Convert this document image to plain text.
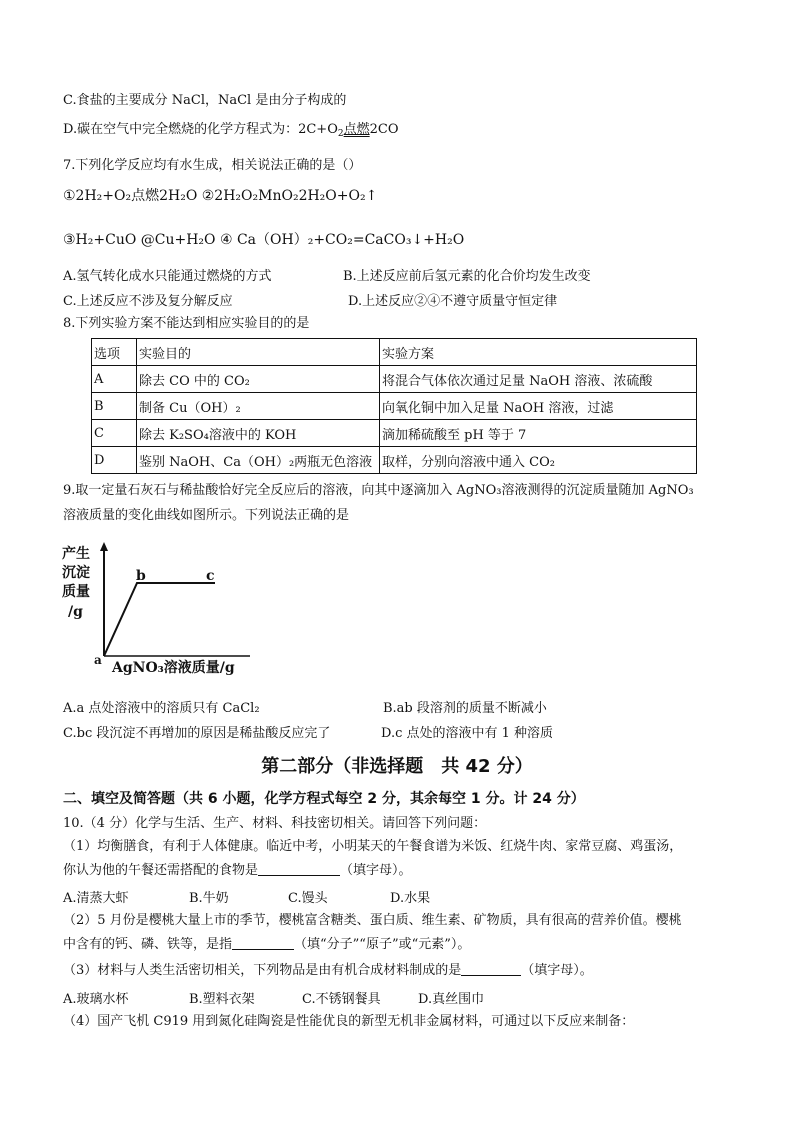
C.食盐的主要成分 NaCl，NaCl 是由分子构成的
D.碳在空气中完全燃烧的化学方程式为：$2C+O_2$点燃2CO
7.下列化学反应均有水生成，相关说法正确的是（）
①2H₂+O₂点燃2H₂O ②2H₂O₂MnO₂2H₂O+O₂↑
③H₂+CuO @Cu+H₂O ④ Ca（OH）₂+CO₂=CaCO₃↓+H₂O
A.氢气转化成水只能通过燃烧的方式	B.上述反应前后氢元素的化合价均发生改变
C.上述反应不涉及复分解反应	D.上述反应②④不遵守质量守恒定律
8.下列实验方案不能达到相应实验目的的是
选项	实验目的	实验方案
A	除去 CO 中的 CO₂	将混合气体依次通过足量 NaOH 溶液、浓硫酸
B	制备 Cu（OH）₂	向氧化铜中加入足量 NaOH 溶液，过滤
C	除去 K₂SO₄溶液中的 KOH	滴加稀硫酸至 pH 等于 7
D	鉴别 NaOH、Ca（OH）₂两瓶无色溶液	取样，分别向溶液中通入 CO₂
9.取一定量石灰石与稀盐酸恰好完全反应后的溶液，向其中逐滴加入 AgNO₃溶液测得的沉淀质量随加 AgNO₃
溶液质量的变化曲线如图所示。下列说法正确的是
产生
沉淀
质量
/g
b	c
a AgNO₃溶液质量/g
A.a 点处溶液中的溶质只有 CaCl₂	B.ab 段溶剂的质量不断减小
C.bc 段沉淀不再增加的原因是稀盐酸反应完了	D.c 点处的溶液中有 1 种溶质
第二部分（非选择题　共 42 分）
二、填空及简答题（共 6 小题，化学方程式每空 2 分，其余每空 1 分。计 24 分）
10.（4 分）化学与生活、生产、材料、科技密切相关。请回答下列问题：
（1）均衡膳食，有利于人体健康。临近中考，小明某天的午餐食谱为米饭、红烧牛肉、家常豆腐、鸡蛋汤，
你认为他的午餐还需搭配的食物是	（填字母）。
A.清蒸大虾	B.牛奶	C.馒头	D.水果
（2）5 月份是樱桃大量上市的季节，樱桃富含糖类、蛋白质、维生素、矿物质，具有很高的营养价值。樱桃
中含有的钙、磷、铁等，是指	（填“分子”“原子”或“元素”）。
（3）材料与人类生活密切相关，下列物品是由有机合成材料制成的是	（填字母）。
A.玻璃水杯	B.塑料衣架	C.不锈钢餐具	D.真丝围巾
（4）国产飞机 C919 用到氮化硅陶瓷是性能优良的新型无机非金属材料，可通过以下反应来制备：
